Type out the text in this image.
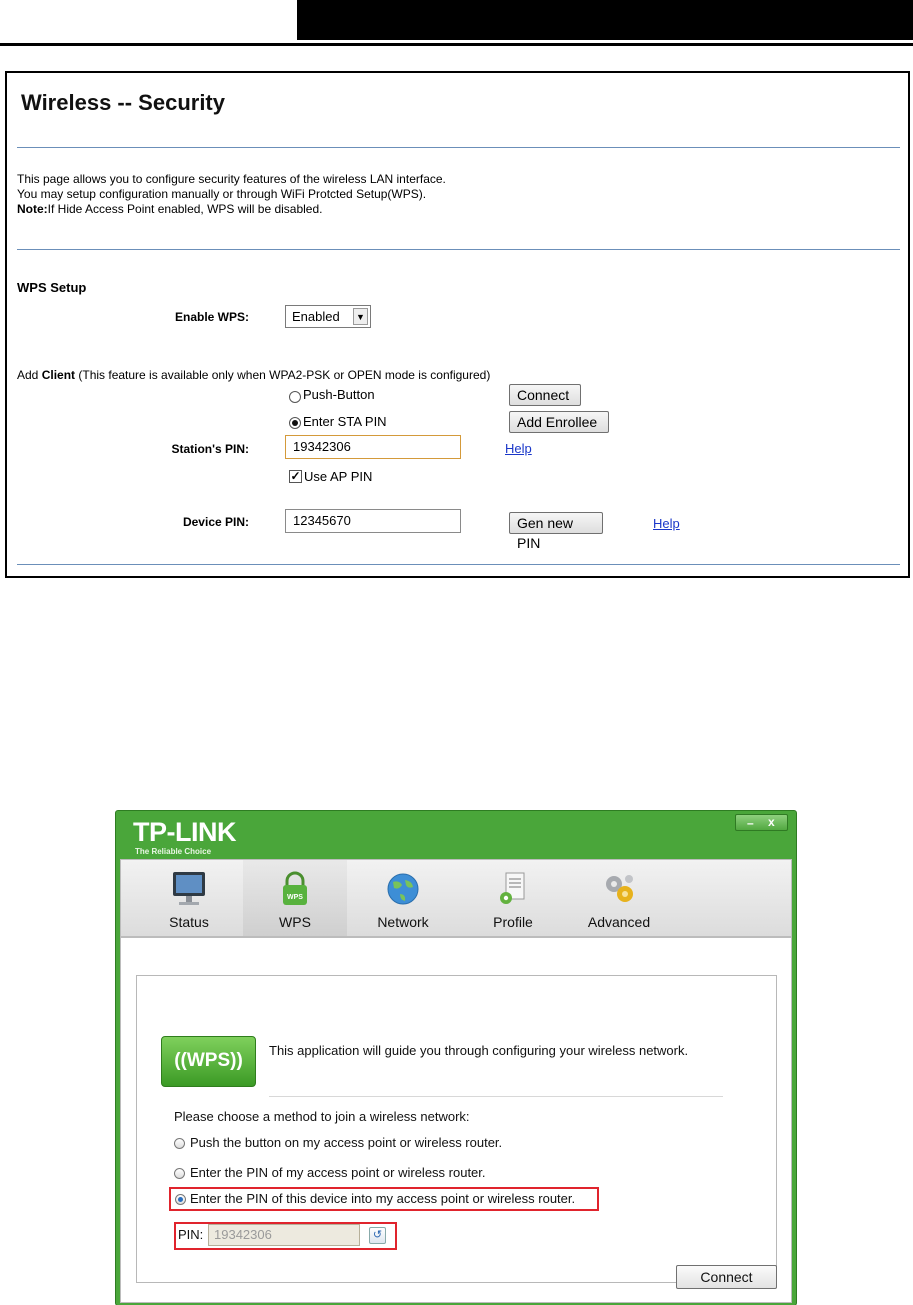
Wireless -- Security
This page allows you to configure security features of the wireless LAN interface.
You may setup configuration manually or through WiFi Protcted Setup(WPS).
Note:If Hide Access Point enabled, WPS will be disabled.
WPS Setup
Enable WPS:	Enabled	▼
Add Client (This feature is available only when WPA2-PSK or OPEN mode is configured)
Push-Button	Connect
Enter STA PIN	Add Enrollee
Station's PIN:	19342306	Help
✓ Use AP PIN
Device PIN:	12345670	Gen new PIN
Help
TP-LINK
The Reliable Choice
– x
Status
WPS
WPS	Network	Profile	Advanced
((WPS))	This application will guide you through configuring your wireless network.
Please choose a method to join a wireless network:
Push the button on my access point or wireless router.
Enter the PIN of my access point or wireless router.
Enter the PIN of this device into my access point or wireless router.
PIN: 19342306	↺
Connect
